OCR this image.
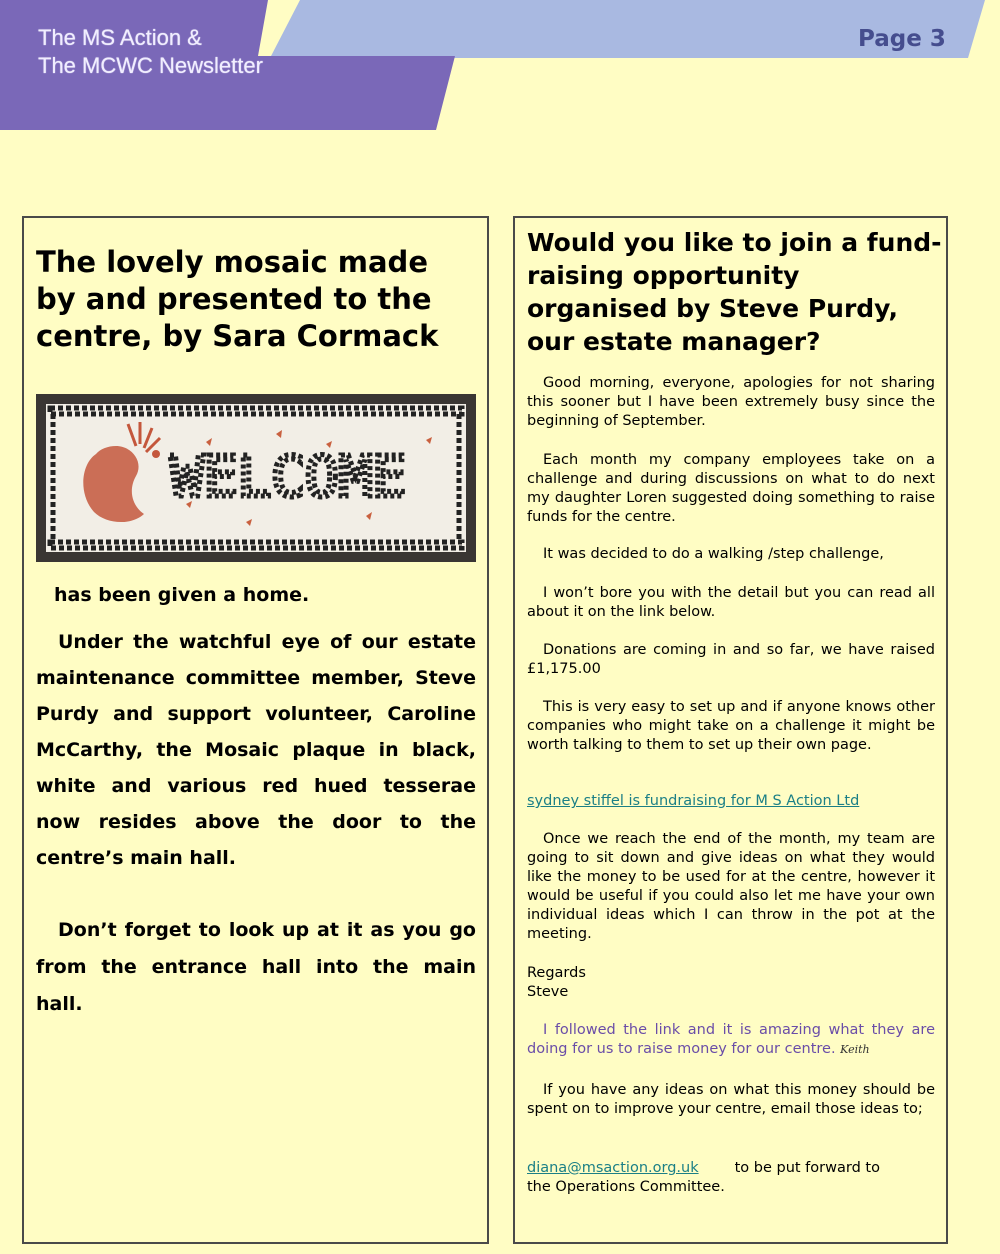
The MS Action &
The MCWC Newsletter
Page 3
The lovely mosaic made by and presented to the centre, by Sara Cormack
WELCOME

has been given a home.

Under the watchful eye of our estate maintenance committee member, Steve Purdy and support volunteer, Caroline McCarthy, the Mosaic plaque in black, white and various red hued tesserae now resides above the door to the centre’s main hall.

Don’t forget to look up at it as you go from the entrance hall into the main hall.

Would you like to join a fund-raising opportunity organised by Steve Purdy, our estate manager?

Good morning, everyone, apologies for not sharing this sooner but I have been extremely busy since the beginning of September.

Each month my company employees take on a challenge and during discussions on what to do next my daughter Loren suggested doing something to raise funds for the centre.

It was decided to do a walking /step challenge,

I won’t bore you with the detail but you can read all about it on the link below.

Donations are coming in and so far, we have raised £1,175.00

This is very easy to set up and if anyone knows other companies who might take on a challenge it might be worth talking to them to set up their own page.

sydney stiffel is fundraising for M S Action Ltd

Once we reach the end of the month, my team are going to sit down and give ideas on what they would like the money to be used for at the centre, however it would be useful if you could also let me have your own individual ideas which I can throw in the pot at the meeting.

Regards
Steve

I followed the link and it is amazing what they are doing for us to raise money for our centre. Keith

If you have any ideas on what this money should be spent on to improve your centre, email those ideas to;

diana@msaction.org.uk to be put forward to
the Operations Committee.
